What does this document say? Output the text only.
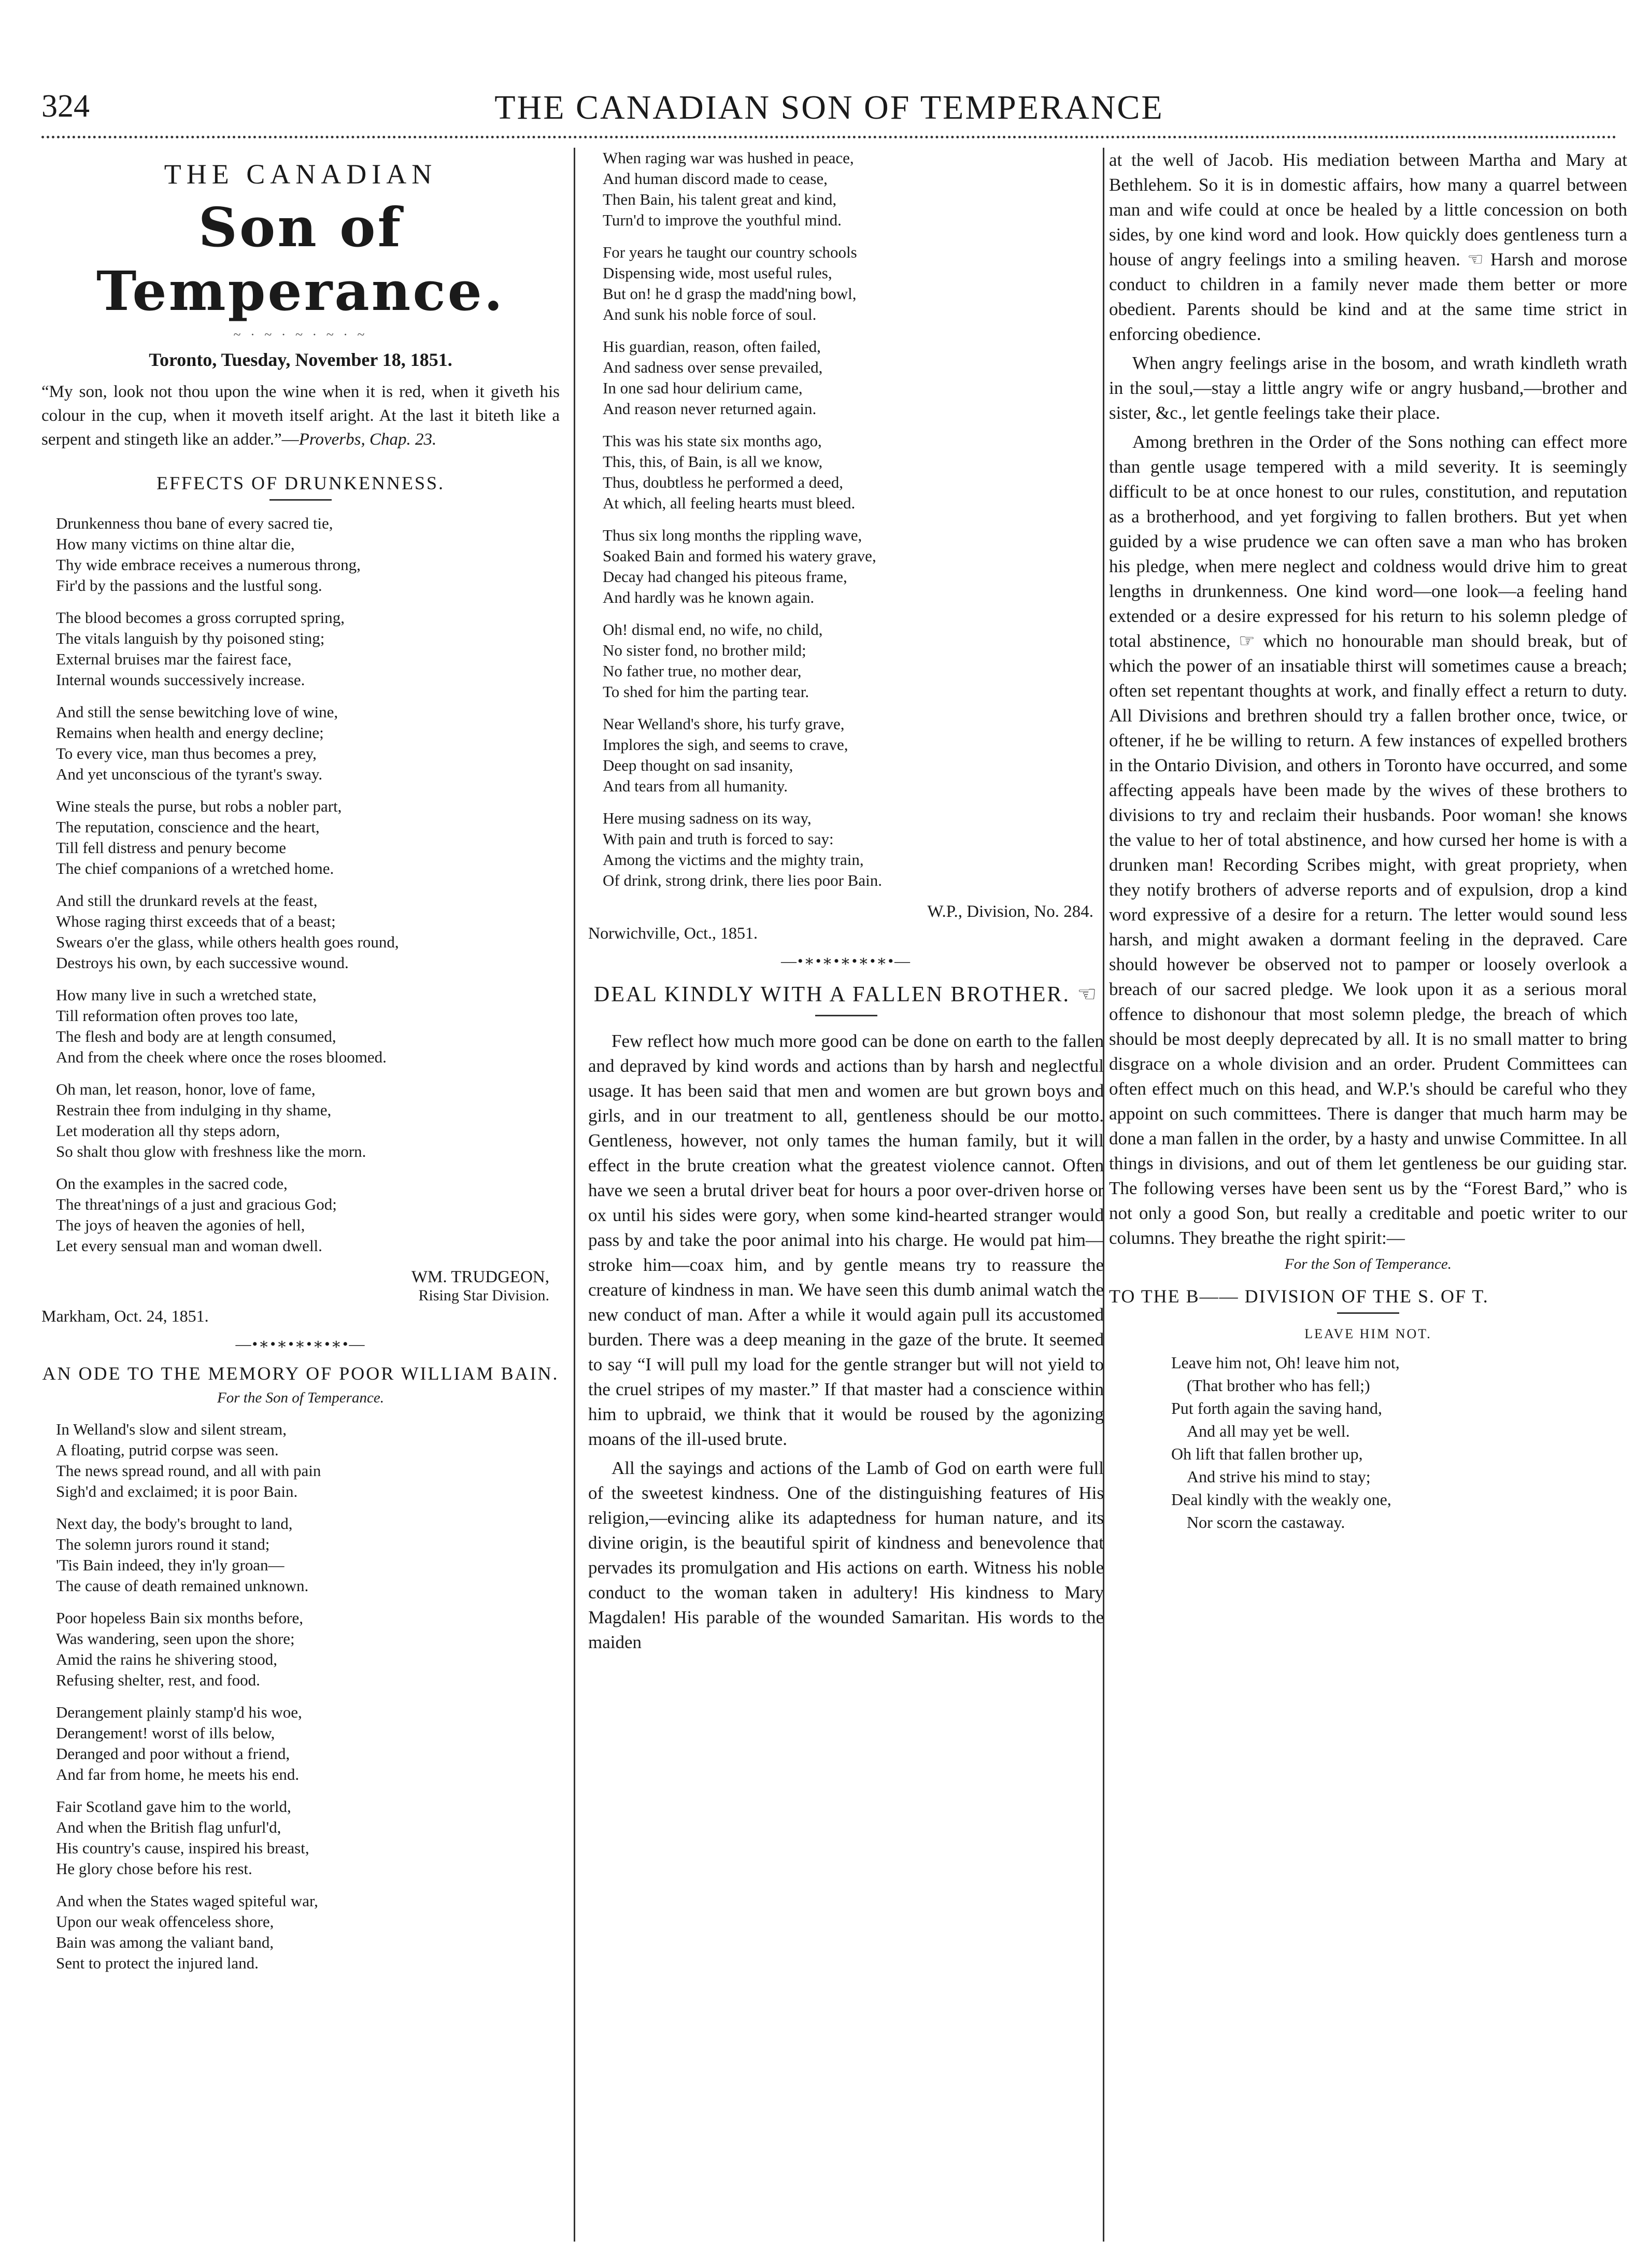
324	THE CANADIAN SON OF TEMPERANCE
THE CANADIAN
Son of Temperance.
~ · ~ · ~ · ~ · ~
Toronto, Tuesday, November 18, 1851.

“My son, look not thou upon the wine when it is red, when it giveth his colour in the cup, when it moveth itself aright. At the last it biteth like a serpent and stingeth like an adder.”—Proverbs, Chap. 23.

EFFECTS OF DRUNKENNESS.
Drunkenness thou bane of every sacred tie,
How many victims on thine altar die,
Thy wide embrace receives a numerous throng,
Fir'd by the passions and the lustful song.
The blood becomes a gross corrupted spring,
The vitals languish by thy poisoned sting;
External bruises mar the fairest face,
Internal wounds successively increase.
And still the sense bewitching love of wine,
Remains when health and energy decline;
To every vice, man thus becomes a prey,
And yet unconscious of the tyrant's sway.
Wine steals the purse, but robs a nobler part,
The reputation, conscience and the heart,
Till fell distress and penury become
The chief companions of a wretched home.
And still the drunkard revels at the feast,
Whose raging thirst exceeds that of a beast;
Swears o'er the glass, while others health goes round,
Destroys his own, by each successive wound.
How many live in such a wretched state,
Till reformation often proves too late,
The flesh and body are at length consumed,
And from the cheek where once the roses bloomed.
Oh man, let reason, honor, love of fame,
Restrain thee from indulging in thy shame,
Let moderation all thy steps adorn,
So shalt thou glow with freshness like the morn.
On the examples in the sacred code,
The threat'nings of a just and gracious God;
The joys of heaven the agonies of hell,
Let every sensual man and woman dwell.
WM. TRUDGEON,
Rising Star Division.
Markham, Oct. 24, 1851.
—•∗•∗•∗•∗•∗•—
AN ODE TO THE MEMORY OF POOR WILLIAM BAIN.
For the Son of Temperance.
In Welland's slow and silent stream,
A floating, putrid corpse was seen.
The news spread round, and all with pain
Sigh'd and exclaimed; it is poor Bain.
Next day, the body's brought to land,
The solemn jurors round it stand;
'Tis Bain indeed, they in'ly groan—
The cause of death remained unknown.
Poor hopeless Bain six months before,
Was wandering, seen upon the shore;
Amid the rains he shivering stood,
Refusing shelter, rest, and food.
Derangement plainly stamp'd his woe,
Derangement! worst of ills below,
Deranged and poor without a friend,
And far from home, he meets his end.
Fair Scotland gave him to the world,
And when the British flag unfurl'd,
His country's cause, inspired his breast,
He glory chose before his rest.
And when the States waged spiteful war,
Upon our weak offenceless shore,
Bain was among the valiant band,
Sent to protect the injured land.
When raging war was hushed in peace,
And human discord made to cease,
Then Bain, his talent great and kind,
Turn'd to improve the youthful mind.
For years he taught our country schools
Dispensing wide, most useful rules,
But on! he d grasp the madd'ning bowl,
And sunk his noble force of soul.
His guardian, reason, often failed,
And sadness over sense prevailed,
In one sad hour delirium came,
And reason never returned again.
This was his state six months ago,
This, this, of Bain, is all we know,
Thus, doubtless he performed a deed,
At which, all feeling hearts must bleed.
Thus six long months the rippling wave,
Soaked Bain and formed his watery grave,
Decay had changed his piteous frame,
And hardly was he known again.
Oh! dismal end, no wife, no child,
No sister fond, no brother mild;
No father true, no mother dear,
To shed for him the parting tear.
Near Welland's shore, his turfy grave,
Implores the sigh, and seems to crave,
Deep thought on sad insanity,
And tears from all humanity.
Here musing sadness on its way,
With pain and truth is forced to say:
Among the victims and the mighty train,
Of drink, strong drink, there lies poor Bain.
W.P., Division, No. 284.
Norwichville, Oct., 1851.
—•∗•∗•∗•∗•∗•—
DEAL KINDLY WITH A FALLEN BROTHER. ☜

Few reflect how much more good can be done on earth to the fallen and depraved by kind words and actions than by harsh and neglectful usage. It has been said that men and women are but grown boys and girls, and in our treatment to all, gentleness should be our motto. Gentleness, however, not only tames the human family, but it will effect in the brute creation what the greatest violence cannot. Often have we seen a brutal driver beat for hours a poor over-driven horse or ox until his sides were gory, when some kind-hearted stranger would pass by and take the poor animal into his charge. He would pat him—stroke him—coax him, and by gentle means try to reassure the creature of kindness in man. We have seen this dumb animal watch the new conduct of man. After a while it would again pull its accustomed burden. There was a deep meaning in the gaze of the brute. It seemed to say “I will pull my load for the gentle stranger but will not yield to the cruel stripes of my master.” If that master had a conscience within him to upbraid, we think that it would be roused by the agonizing moans of the ill-used brute.

All the sayings and actions of the Lamb of God on earth were full of the sweetest kindness. One of the distinguishing features of His religion,—evincing alike its adaptedness for human nature, and its divine origin, is the beautiful spirit of kindness and benevolence that pervades its promulgation and His actions on earth. Witness his noble conduct to the woman taken in adultery! His kindness to Mary Magdalen! His parable of the wounded Samaritan. His words to the maiden

at the well of Jacob. His mediation between Martha and Mary at Bethlehem. So it is in domestic affairs, how many a quarrel between man and wife could at once be healed by a little concession on both sides, by one kind word and look. How quickly does gentleness turn a house of angry feelings into a smiling heaven. ☜ Harsh and morose conduct to children in a family never made them better or more obedient. Parents should be kind and at the same time strict in enforcing obedience.

When angry feelings arise in the bosom, and wrath kindleth wrath in the soul,—stay a little angry wife or angry husband,—brother and sister, &c., let gentle feelings take their place.

Among brethren in the Order of the Sons nothing can effect more than gentle usage tempered with a mild severity. It is seemingly difficult to be at once honest to our rules, constitution, and reputation as a brotherhood, and yet forgiving to fallen brothers. But yet when guided by a wise prudence we can often save a man who has broken his pledge, when mere neglect and coldness would drive him to great lengths in drunkenness. One kind word—one look—a feeling hand extended or a desire expressed for his return to his solemn pledge of total abstinence, ☞ which no honourable man should break, but of which the power of an insatiable thirst will sometimes cause a breach; often set repentant thoughts at work, and finally effect a return to duty. All Divisions and brethren should try a fallen brother once, twice, or oftener, if he be willing to return. A few instances of expelled brothers in the Ontario Division, and others in Toronto have occurred, and some affecting appeals have been made by the wives of these brothers to divisions to try and reclaim their husbands. Poor woman! she knows the value to her of total abstinence, and how cursed her home is with a drunken man! Recording Scribes might, with great propriety, when they notify brothers of adverse reports and of expulsion, drop a kind word expressive of a desire for a return. The letter would sound less harsh, and might awaken a dormant feeling in the depraved. Care should however be observed not to pamper or loosely overlook a breach of our sacred pledge. We look upon it as a serious moral offence to dishonour that most solemn pledge, the breach of which should be most deeply deprecated by all. It is no small matter to bring disgrace on a whole division and an order. Prudent Committees can often effect much on this head, and W.P.'s should be careful who they appoint on such committees. There is danger that much harm may be done a man fallen in the order, by a hasty and unwise Committee. In all things in divisions, and out of them let gentleness be our guiding star. The following verses have been sent us by the “Forest Bard,” who is not only a good Son, but really a creditable and poetic writer to our columns. They breathe the right spirit:—

For the Son of Temperance.
TO THE B—— DIVISION OF THE S. OF T.
LEAVE HIM NOT.
Leave him not, Oh! leave him not,
(That brother who has fell;)
Put forth again the saving hand,
And all may yet be well.
Oh lift that fallen brother up,
And strive his mind to stay;
Deal kindly with the weakly one,
Nor scorn the castaway.
